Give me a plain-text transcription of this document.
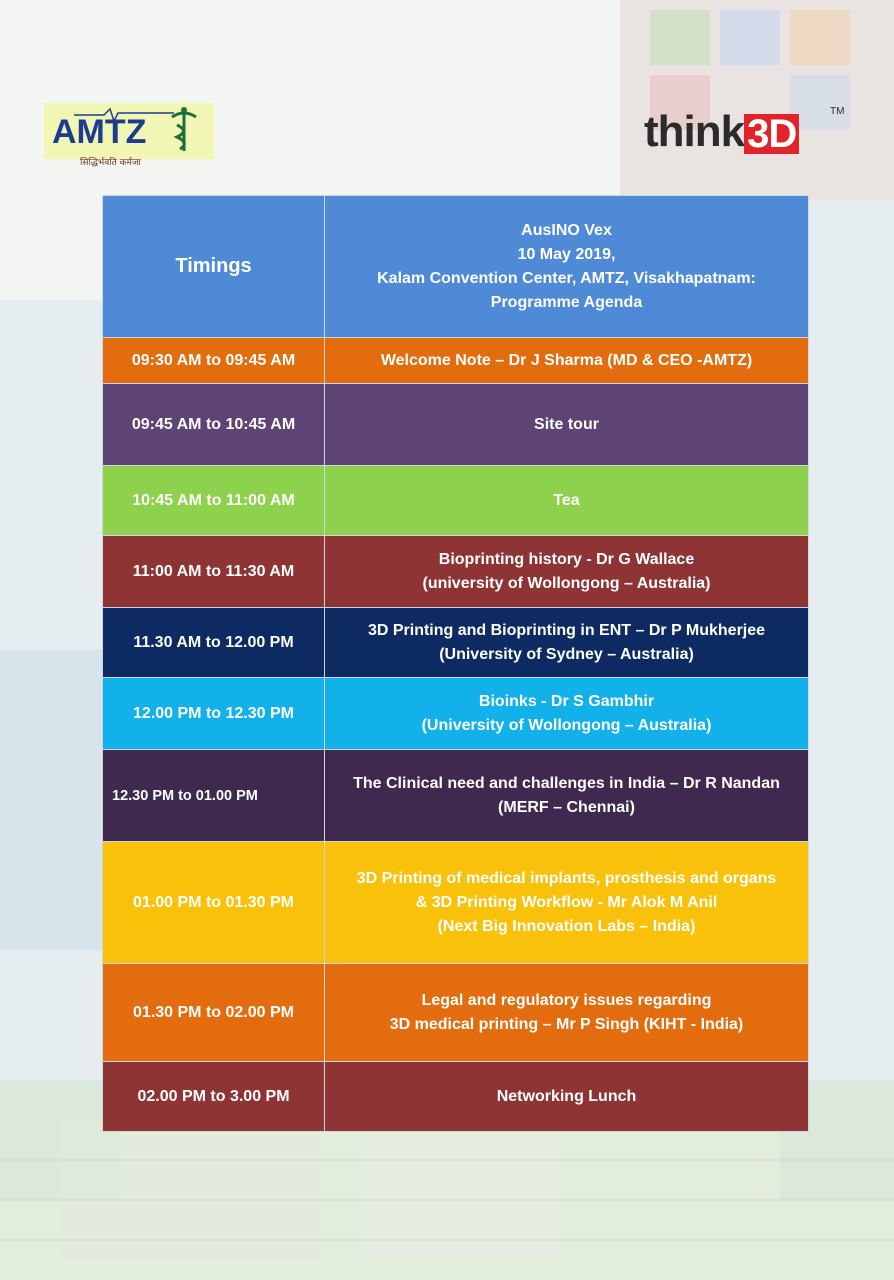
AMTZ
सिद्धिर्भवति कर्मजा
think3D
TM
Timings	AusINO Vex
10 May 2019,
Kalam Convention Center, AMTZ, Visakhapatnam:
Programme Agenda

09:30 AM to 09:45 AM	Welcome Note – Dr J Sharma (MD & CEO -AMTZ)

09:45 AM to 10:45 AM	Site tour

10:45 AM to 11:00 AM	Tea

11:00 AM to 11:30 AM	Bioprinting history - Dr G Wallace
(university of Wollongong – Australia)

11.30 AM to 12.00 PM	3D Printing and Bioprinting in ENT – Dr P Mukherjee
(University of Sydney – Australia)

12.00 PM to 12.30 PM	Bioinks - Dr S Gambhir
(University of Wollongong – Australia)

12.30 PM to 01.00 PM	The Clinical need and challenges in India – Dr R Nandan
(MERF – Chennai)

01.00 PM to 01.30 PM	3D Printing of medical implants, prosthesis and organs
& 3D Printing Workflow - Mr Alok M Anil
(Next Big Innovation Labs – India)

01.30 PM to 02.00 PM	Legal and regulatory issues regarding
3D medical printing – Mr P Singh (KIHT - India)

02.00 PM to 3.00 PM	Networking Lunch
